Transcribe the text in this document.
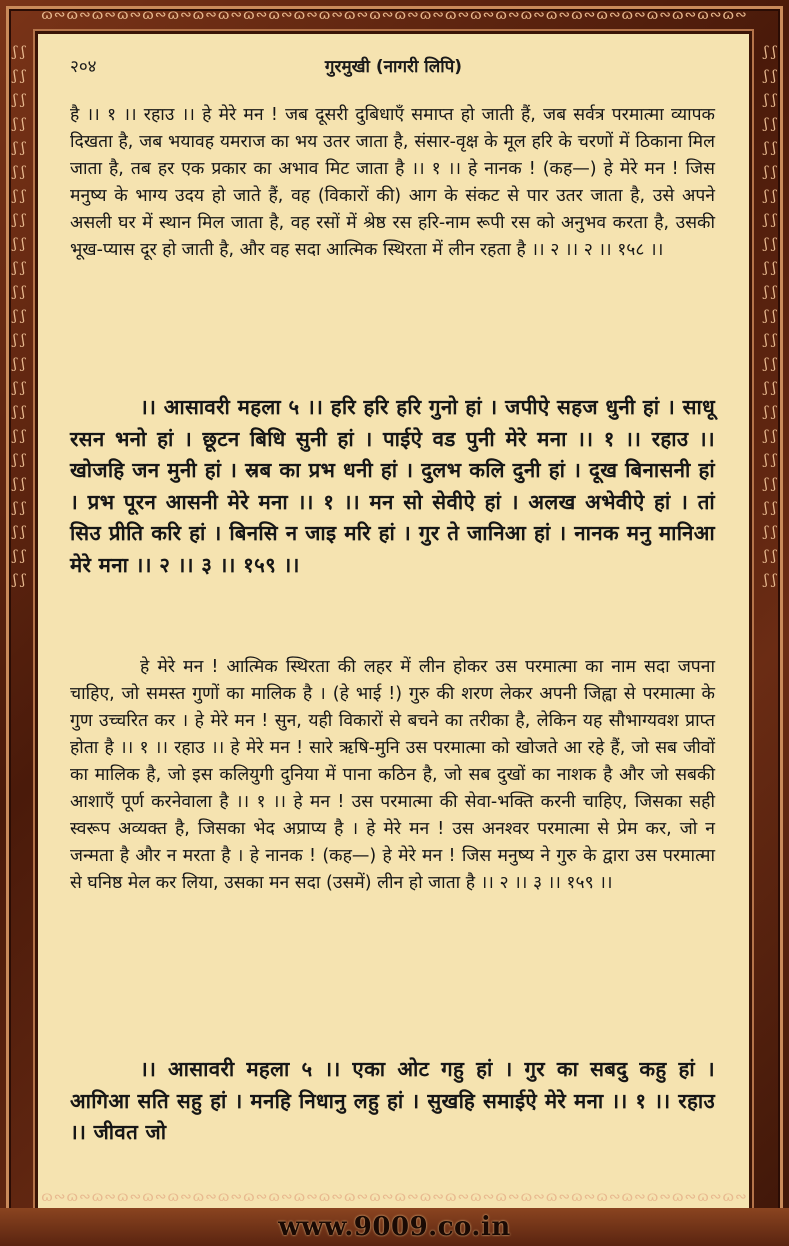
ɷ∾ɷ∾ɷ∾ɷ∾ɷ∾ɷ∾ɷ∾ɷ∾ɷ∾ɷ∾ɷ∾ɷ∾ɷ∾ɷ∾ɷ∾ɷ∾ɷ∾ɷ∾ɷ∾ɷ∾ɷ∾ɷ∾ɷ∾ɷ∾ɷ∾ɷ∾ɷ∾ɷ∾
ʃ ʃ ʃ ʃ ʃ ʃ ʃ ʃ ʃ ʃ ʃ ʃ ʃ ʃ ʃ ʃ ʃ ʃ ʃ ʃ ʃ ʃ ʃ ʃ ʃ ʃ ʃ ʃ ʃ ʃ ʃ ʃ ʃ ʃ ʃ ʃ ʃ ʃ ʃ ʃ ʃ ʃ ʃ ʃ ʃ ʃ
ʃ ʃ ʃ ʃ ʃ ʃ ʃ ʃ ʃ ʃ ʃ ʃ ʃ ʃ ʃ ʃ ʃ ʃ ʃ ʃ ʃ ʃ ʃ ʃ ʃ ʃ ʃ ʃ ʃ ʃ ʃ ʃ ʃ ʃ ʃ ʃ ʃ ʃ ʃ ʃ ʃ ʃ ʃ ʃ ʃ ʃ
२०४	गुरमुखी (नागरी लिपि)

है ।। १ ।। रहाउ ।। हे मेरे मन ! जब दूसरी दुबिधाएँ समाप्त हो जाती हैं, जब सर्वत्र परमात्मा व्यापक दिखता है, जब भयावह यमराज का भय उतर जाता है, संसार-वृक्ष के मूल हरि के चरणों में ठिकाना मिल जाता है, तब हर एक प्रकार का अभाव मिट जाता है ।। १ ।। हे नानक ! (कह—) हे मेरे मन ! जिस मनुष्य के भाग्य उदय हो जाते हैं, वह (विकारों की) आग के संकट से पार उतर जाता है, उसे अपने असली घर में स्थान मिल जाता है, वह रसों में श्रेष्ठ रस हरि-नाम रूपी रस को अनुभव करता है, उसकी भूख-प्यास दूर हो जाती है, और वह सदा आत्मिक स्थिरता में लीन रहता है ।। २ ।। २ ।। १५८ ।।

।। आसावरी महला ५ ।। हरि हरि हरि गुनो हां । जपीऐ सहज धुनी हां । साधू रसन भनो हां । छूटन बिधि सुनी हां । पाईऐ वड पुनी मेरे मना ।। १ ।। रहाउ ।। खोजहि जन मुनी हां । स्रब का प्रभ धनी हां । दुलभ कलि दुनी हां । दूख बिनासनी हां । प्रभ पूरन आसनी मेरे मना ।। १ ।। मन सो सेवीऐ हां । अलख अभेवीऐ हां । तां सिउ प्रीति करि हां । बिनसि न जाइ मरि हां । गुर ते जानिआ हां । नानक मनु मानिआ मेरे मना ।। २ ।। ३ ।। १५९ ।।

हे मेरे मन ! आत्मिक स्थिरता की लहर में लीन होकर उस परमात्मा का नाम सदा जपना चाहिए, जो समस्त गुणों का मालिक है । (हे भाई !) गुरु की शरण लेकर अपनी जिह्वा से परमात्मा के गुण उच्चरित कर । हे मेरे मन ! सुन, यही विकारों से बचने का तरीका है, लेकिन यह सौभाग्यवश प्राप्त होता है ।। १ ।। रहाउ ।। हे मेरे मन ! सारे ऋषि-मुनि उस परमात्मा को खोजते आ रहे हैं, जो सब जीवों का मालिक है, जो इस कलियुगी दुनिया में पाना कठिन है, जो सब दुखों का नाशक है और जो सबकी आशाएँ पूर्ण करनेवाला है ।। १ ।। हे मन ! उस परमात्मा की सेवा-भक्ति करनी चाहिए, जिसका सही स्वरूप अव्यक्त है, जिसका भेद अप्राप्य है । हे मेरे मन ! उस अनश्वर परमात्मा से प्रेम कर, जो न जन्मता है और न मरता है । हे नानक ! (कह—) हे मेरे मन ! जिस मनुष्य ने गुरु के द्वारा उस परमात्मा से घनिष्ठ मेल कर लिया, उसका मन सदा (उसमें) लीन हो जाता है ।। २ ।। ३ ।। १५९ ।।

।। आसावरी महला ५ ।। एका ओट गहु हां । गुर का सबदु कहु हां । आगिआ सति सहु हां । मनहि निधानु लहु हां । सुखहि समाईऐ मेरे मना ।। १ ।। रहाउ ।। जीवत जो

ɷ∾ɷ∾ɷ∾ɷ∾ɷ∾ɷ∾ɷ∾ɷ∾ɷ∾ɷ∾ɷ∾ɷ∾ɷ∾ɷ∾ɷ∾ɷ∾ɷ∾ɷ∾ɷ∾ɷ∾ɷ∾ɷ∾ɷ∾ɷ∾ɷ∾ɷ∾ɷ∾ɷ∾
www.9009.co.in
